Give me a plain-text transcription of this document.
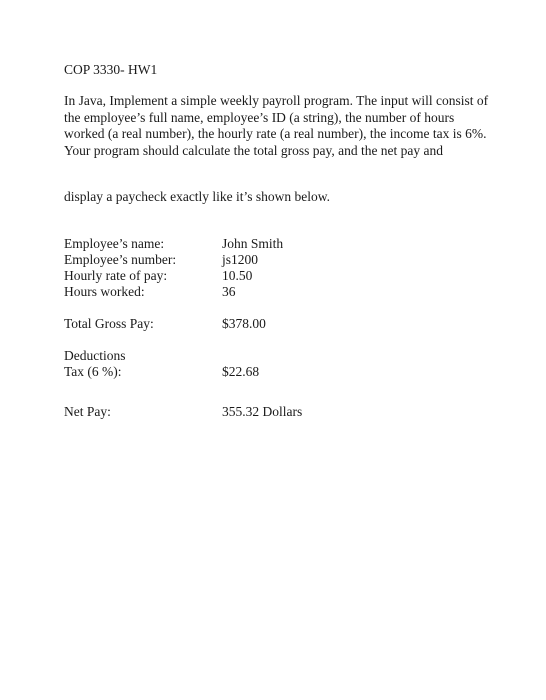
COP 3330- HW1
In Java, Implement a simple weekly payroll program. The input will consist of the employee’s full name, employee’s ID (a string), the number of hours worked (a real number), the hourly rate (a real number), the income tax is 6%. Your program should calculate the total gross pay, and the net pay and
display a paycheck exactly like it’s shown below.
Employee’s name:	John Smith
Employee’s number:	js1200
Hourly rate of pay:	10.50
Hours worked:	36
Total Gross Pay:	$378.00
Deductions
Tax (6 %):	$22.68
Net Pay:	355.32 Dollars
